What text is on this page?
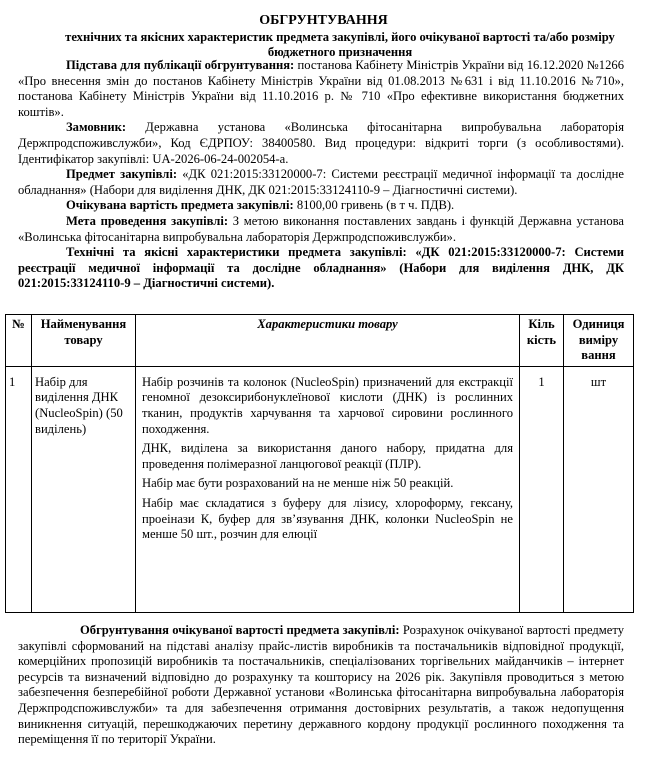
ОБГРУНТУВАННЯ
технічних та якісних характеристик предмета закупівлі, його очікуваної вартості та/або розміру бюджетного призначення

Підстава для публікації обгрунтування: постанова Кабінету Міністрів України від 16.12.2020 №1266 «Про внесення змін до постанов Кабінету Міністрів України від 01.08.2013 №631 і від 11.10.2016 №710», постанова Кабінету Міністрів України від 11.10.2016 р. № 710 «Про ефективне використання бюджетних коштів».

Замовник: Державна установа «Волинська фітосанітарна випробувальна лабораторія Держпродспоживслужби», Код ЄДРПОУ: 38400580. Вид процедури: відкриті торги (з особливостями). Ідентифікатор закупівлі: UA-2026-06-24-002054-a.

Предмет закупівлі: «ДК 021:2015:33120000-7: Системи реєстрації медичної інформації та дослідне обладнання» (Набори для виділення ДНК, ДК 021:2015:33124110-9 – Діагностичні системи).

Очікувана вартість предмета закупівлі: 8100,00 гривень (в т ч. ПДВ).

Мета проведення закупівлі: З метою виконання поставлених завдань і функцій Державна установа «Волинська фітосанітарна випробувальна лабораторія Держпродспоживслужби».

Технічні та якісні характеристики предмета закупівлі: «ДК 021:2015:33120000-7: Системи реєстрації медичної інформації та дослідне обладнання» (Набори для виділення ДНК, ДК 021:2015:33124110-9 – Діагностичні системи).

№	Найменування товару	Характеристики товару	Кіль кість	Одиниця виміру вання
1	Набір для виділення ДНК (NucleoSpin) (50 виділень)	Набір розчинів та колонок (NucleoSpin) призначений для екстракції геномної дезоксирибонуклеїнової кислоти (ДНК) із рослинних тканин, продуктів харчування та харчової сировини рослинного походження.

ДНК, виділена за використання даного набору, придатна для проведення полімеразної ланцюгової реакції (ПЛР).

Набір має бути розрахований на не менше ніж 50 реакцій.

Набір має складатися з буферу для лізису, хлороформу, гексану, проеінази К, буфер для зв’язування ДНК, колонки NucleoSpin не менше 50 шт., розчин для елюції	1	шт

Обгрунтування очікуваної вартості предмета закупівлі: Розрахунок очікуваної вартості предмету закупівлі сформований на підставі аналізу прайс-листів виробників та постачальників відповідної продукції, комерційних пропозицій виробників та постачальників, спеціалізованих торгівельних майданчиків – інтернет ресурсів та визначений відповідно до розрахунку та кошторису на 2026 рік. Закупівля проводиться з метою забезпечення безперебійної роботи Державної установи «Волинська фітосанітарна випробувальна лабораторія Держпродспоживслужби» та для забезпечення отримання достовірних результатів, а також недопущення виникнення ситуацій, перешкоджаючих перетину державного кордону продукції рослинного походження та переміщення її по території України.
